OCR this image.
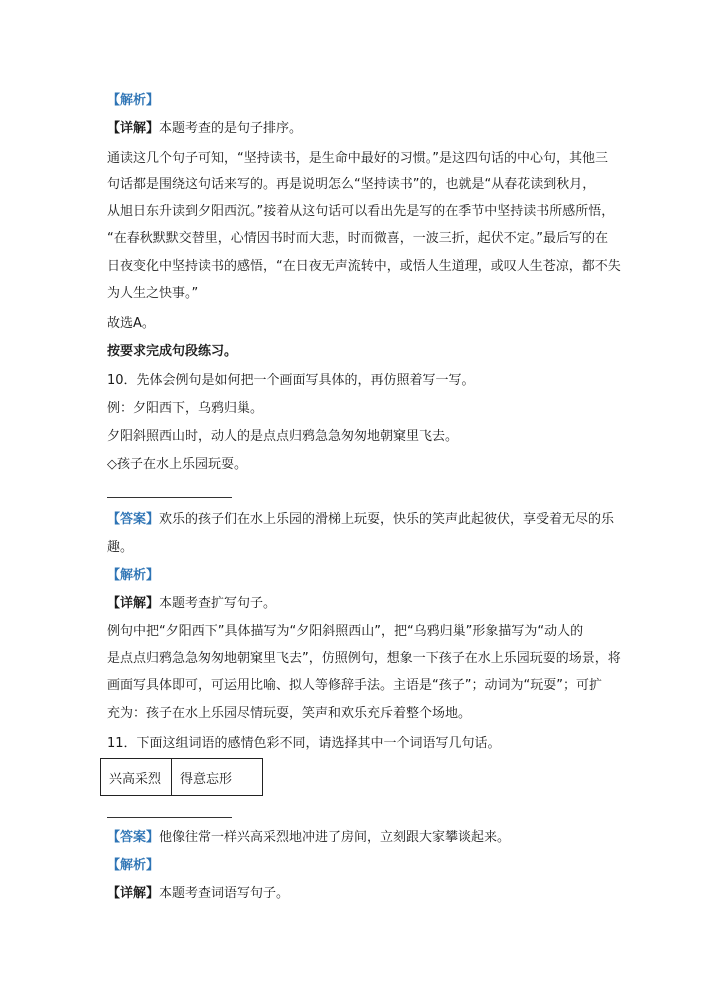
【解析】
【详解】本题考查的是句子排序。
通读这几个句子可知，“坚持读书，是生命中最好的习惯。”是这四句话的中心句，其他三
句话都是围绕这句话来写的。再是说明怎么“坚持读书”的，也就是“从春花读到秋月，
从旭日东升读到夕阳西沉。”接着从这句话可以看出先是写的在季节中坚持读书所感所悟，
“在春秋默默交替里，心情因书时而大悲，时而微喜，一波三折，起伏不定。”最后写的在
日夜变化中坚持读书的感悟，“在日夜无声流转中，或悟人生道理，或叹人生苍凉，都不失
为人生之快事。”
故选A。
按要求完成句段练习。
10．先体会例句是如何把一个画面写具体的，再仿照着写一写。
例：夕阳西下，乌鸦归巢。
夕阳斜照西山时，动人的是点点归鸦急急匆匆地朝窠里飞去。
◇孩子在水上乐园玩耍。
【答案】欢乐的孩子们在水上乐园的滑梯上玩耍，快乐的笑声此起彼伏，享受着无尽的乐
趣。
【解析】
【详解】本题考查扩写句子。
例句中把“夕阳西下”具体描写为“夕阳斜照西山”，把“乌鸦归巢”形象描写为“动人的
是点点归鸦急急匆匆地朝窠里飞去”，仿照例句，想象一下孩子在水上乐园玩耍的场景，将
画面写具体即可，可运用比喻、拟人等修辞手法。主语是“孩子”；动词为“玩耍”；可扩
充为：孩子在水上乐园尽情玩耍，笑声和欢乐充斥着整个场地。
11．下面这组词语的感情色彩不同，请选择其中一个词语写几句话。
兴高采烈	得意忘形
【答案】他像往常一样兴高采烈地冲进了房间，立刻跟大家攀谈起来。
【解析】
【详解】本题考查词语写句子。
